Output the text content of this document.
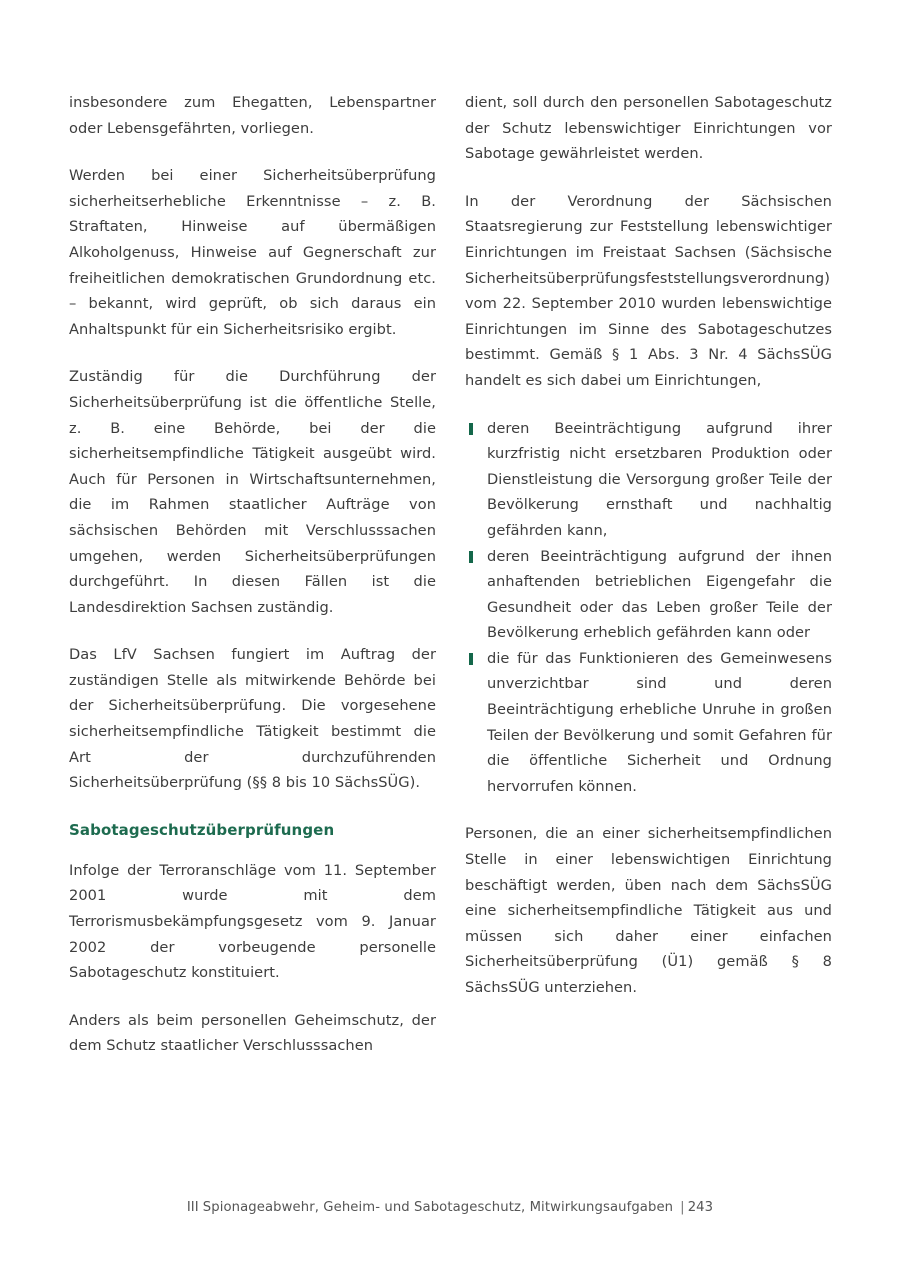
insbesondere zum Ehegatten, Lebenspartner oder Lebensgefährten, vorliegen.

Werden bei einer Sicherheitsüberprüfung sicherheitserhebliche Erkenntnisse – z. B. Straftaten, Hinweise auf übermäßigen Alkoholgenuss, Hinweise auf Gegnerschaft zur freiheitlichen demokratischen Grundordnung etc. – bekannt, wird geprüft, ob sich daraus ein Anhaltspunkt für ein Sicherheitsrisiko ergibt.

Zuständig für die Durchführung der Sicherheitsüberprüfung ist die öffentliche Stelle, z. B. eine Behörde, bei der die sicherheitsempfindliche Tätigkeit ausgeübt wird. Auch für Personen in Wirtschaftsunternehmen, die im Rahmen staatlicher Aufträge von sächsischen Behörden mit Verschlusssachen umgehen, werden Sicherheitsüberprüfungen durchgeführt. In diesen Fällen ist die Landesdirektion Sachsen zuständig.

Das LfV Sachsen fungiert im Auftrag der zuständigen Stelle als mitwirkende Behörde bei der Sicherheitsüberprüfung. Die vorgesehene sicherheitsempfindliche Tätigkeit bestimmt die Art der durchzuführenden Sicherheitsüberprüfung (§§ 8 bis 10 SächsSÜG).

Sabotageschutzüberprüfungen

Infolge der Terroranschläge vom 11. September 2001 wurde mit dem Terrorismusbekämpfungsgesetz vom 9. Januar 2002 der vorbeugende personelle Sabotageschutz konstituiert.

Anders als beim personellen Geheimschutz, der dem Schutz staatlicher Verschlusssachen

dient, soll durch den personellen Sabotageschutz der Schutz lebenswichtiger Einrichtungen vor Sabotage gewährleistet werden.

In der Verordnung der Sächsischen Staatsregierung zur Feststellung lebenswichtiger Einrichtungen im Freistaat Sachsen (Sächsische Sicherheitsüberprüfungsfeststellungsverordnung) vom 22. September 2010 wurden lebenswichtige Einrichtungen im Sinne des Sabotageschutzes bestimmt. Gemäß § 1 Abs. 3 Nr. 4 SächsSÜG handelt es sich dabei um Einrichtungen,

deren Beeinträchtigung aufgrund ihrer kurzfristig nicht ersetzbaren Produktion oder Dienstleistung die Versorgung großer Teile der Bevölkerung ernsthaft und nachhaltig gefährden kann,
deren Beeinträchtigung aufgrund der ihnen anhaftenden betrieblichen Eigengefahr die Gesundheit oder das Leben großer Teile der Bevölkerung erheblich gefährden kann oder
die für das Funktionieren des Gemeinwesens unverzichtbar sind und deren Beeinträchtigung erhebliche Unruhe in großen Teilen der Bevölkerung und somit Gefahren für die öffentliche Sicherheit und Ordnung hervorrufen können.

Personen, die an einer sicherheitsempfindlichen Stelle in einer lebenswichtigen Einrichtung beschäftigt werden, üben nach dem SächsSÜG eine sicherheitsempfindliche Tätigkeit aus und müssen sich daher einer einfachen Sicherheitsüberprüfung (Ü1) gemäß § 8 SächsSÜG unterziehen.

III Spionageabwehr, Geheim- und Sabotageschutz, Mitwirkungsaufgaben | 243
